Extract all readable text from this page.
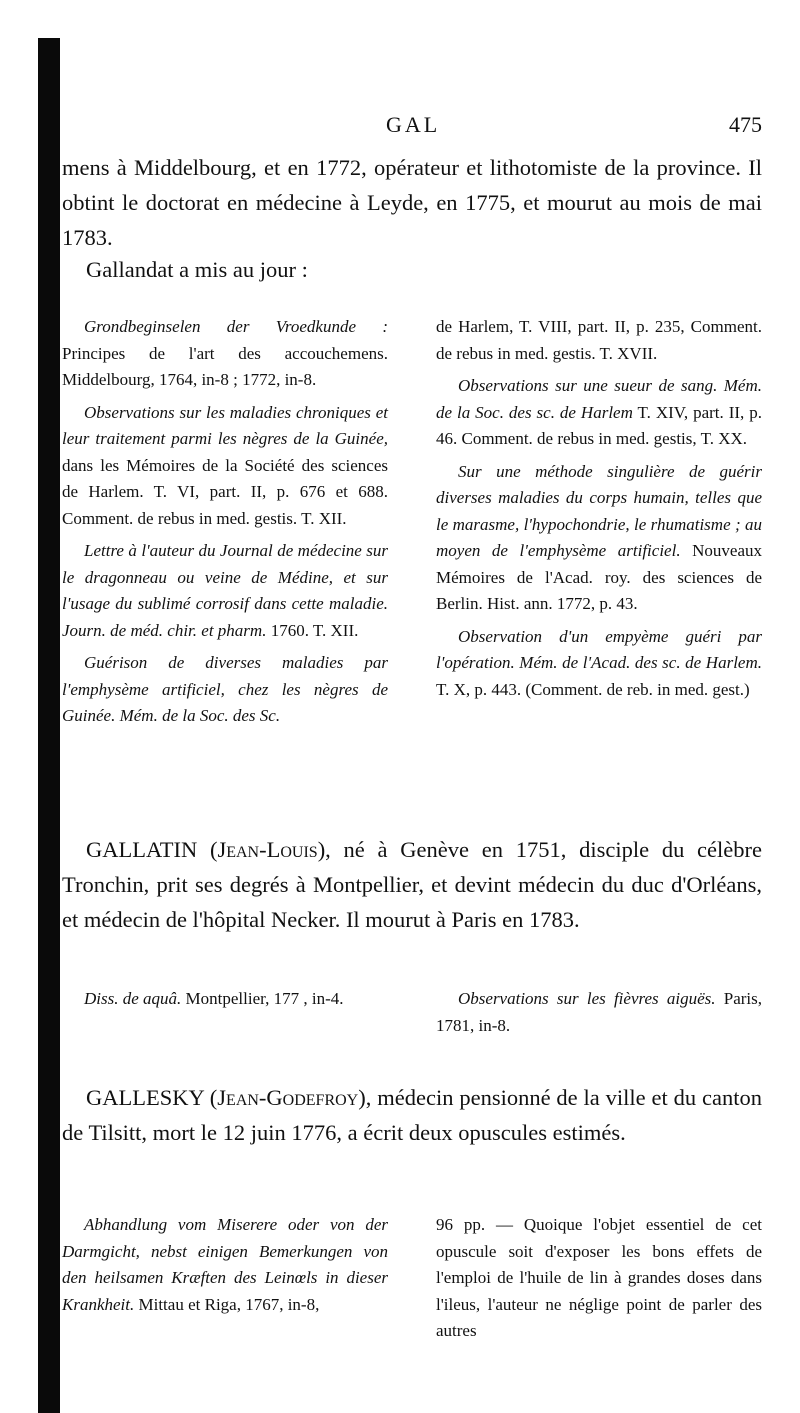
GAL	475

mens à Middelbourg, et en 1772, opérateur et lithotomiste de la province. Il obtint le doctorat en médecine à Leyde, en 1775, et mourut au mois de mai 1783.

Gallandat a mis au jour :

Grondbeginselen der Vroedkunde : Principes de l'art des accouchemens. Middelbourg, 1764, in-8 ; 1772, in-8.

Observations sur les maladies chroniques et leur traitement parmi les nègres de la Guinée, dans les Mémoires de la Société des sciences de Harlem. T. VI, part. II, p. 676 et 688. Comment. de rebus in med. gestis. T. XII.

Lettre à l'auteur du Journal de médecine sur le dragonneau ou veine de Médine, et sur l'usage du sublimé corrosif dans cette maladie. Journ. de méd. chir. et pharm. 1760. T. XII.

Guérison de diverses maladies par l'emphysème artificiel, chez les nègres de Guinée. Mém. de la Soc. des Sc.

de Harlem, T. VIII, part. II, p. 235, Comment. de rebus in med. gestis. T. XVII.

Observations sur une sueur de sang. Mém. de la Soc. des sc. de Harlem T. XIV, part. II, p. 46. Comment. de rebus in med. gestis, T. XX.

Sur une méthode singulière de guérir diverses maladies du corps humain, telles que le marasme, l'hypochondrie, le rhumatisme ; au moyen de l'emphysème artificiel. Nouveaux Mémoires de l'Acad. roy. des sciences de Berlin. Hist. ann. 1772, p. 43.

Observation d'un empyème guéri par l'opération. Mém. de l'Acad. des sc. de Harlem. T. X, p. 443. (Comment. de reb. in med. gest.)

GALLATIN (Jean-Louis), né à Genève en 1751, disciple du célèbre Tronchin, prit ses degrés à Montpellier, et devint médecin du duc d'Orléans, et médecin de l'hôpital Necker. Il mourut à Paris en 1783.

Diss. de aquâ. Montpellier, 177 , in-4.	Observations sur les fièvres aiguës. Paris, 1781, in-8.

GALLESKY (Jean-Godefroy), médecin pensionné de la ville et du canton de Tilsitt, mort le 12 juin 1776, a écrit deux opuscules estimés.

Abhandlung vom Miserere oder von der Darmgicht, nebst einigen Bemerkungen von den heilsamen Kræften des Leinœls in dieser Krankheit. Mittau et Riga, 1767, in-8,

96 pp. — Quoique l'objet essentiel de cet opuscule soit d'exposer les bons effets de l'emploi de l'huile de lin à grandes doses dans l'ileus, l'auteur ne néglige point de parler des autres
